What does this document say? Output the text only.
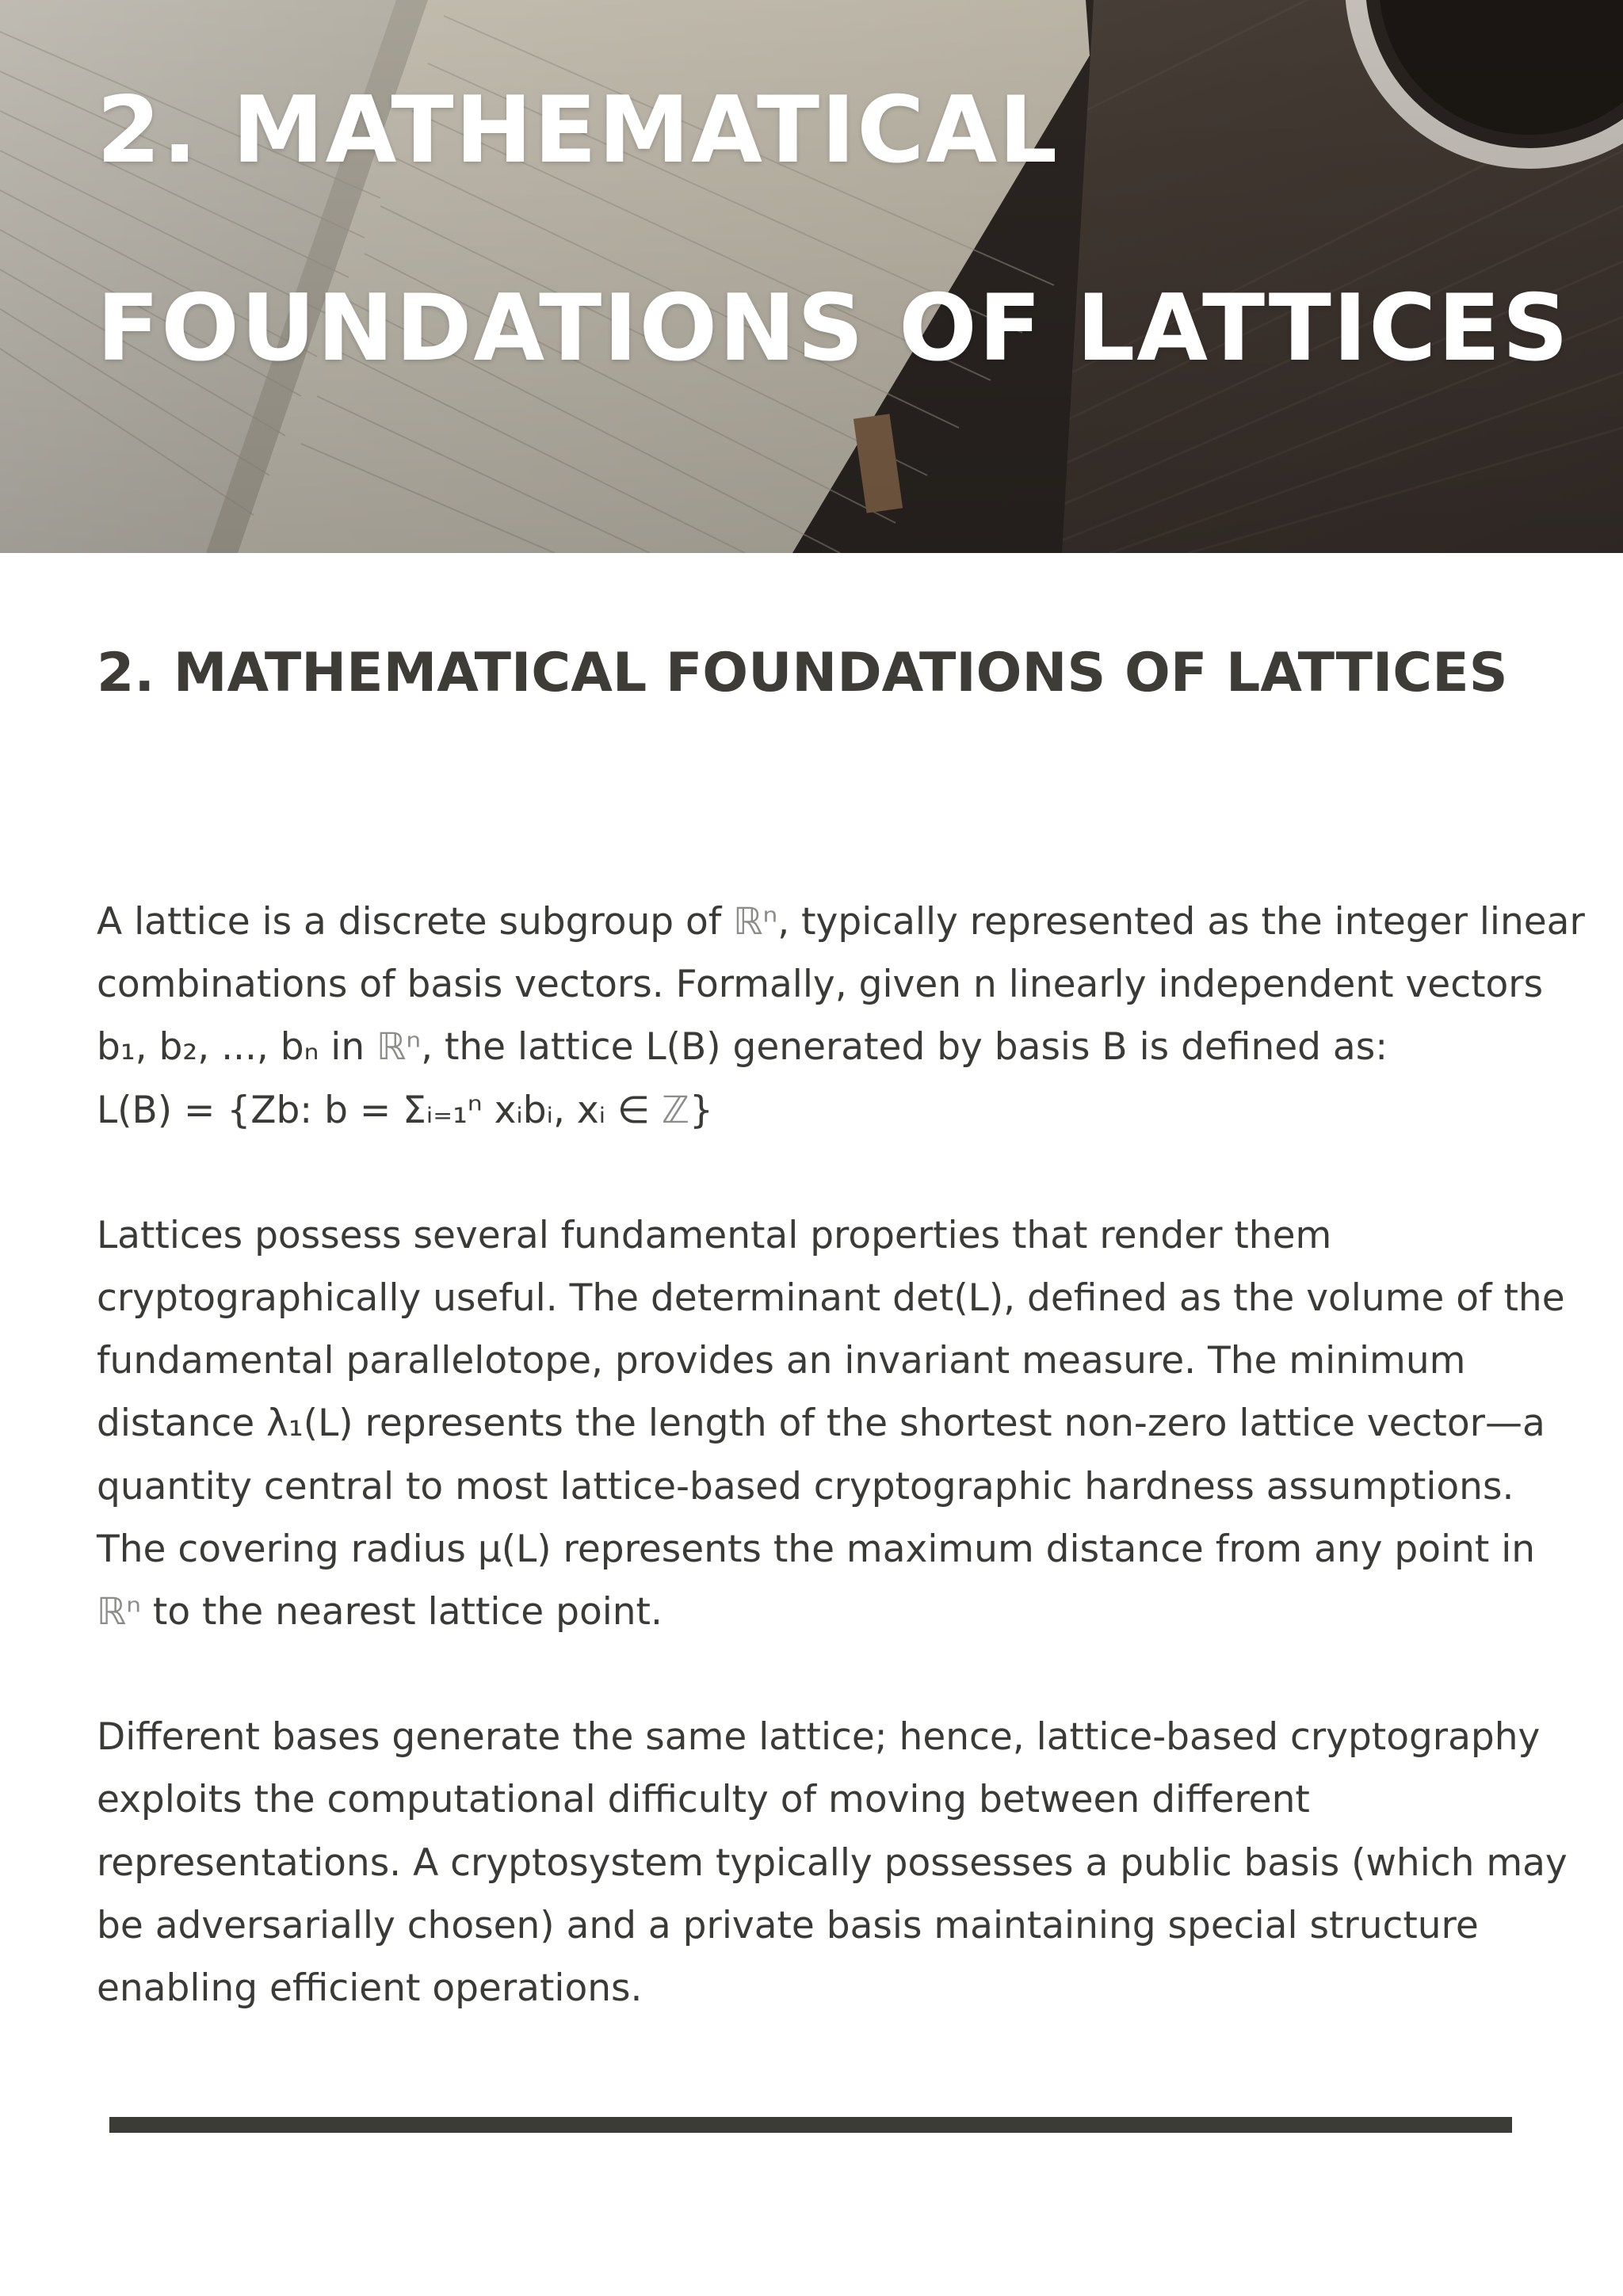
2. MATHEMATICAL
FOUNDATIONS OF LATTICES
2. MATHEMATICAL FOUNDATIONS OF LATTICES

A lattice is a discrete subgroup of ℝⁿ, typically represented as the integer linear
combinations of basis vectors. Formally, given n linearly independent vectors
b₁, b₂, ..., bₙ in ℝⁿ, the lattice L(B) generated by basis B is defined as:
L(B) = {Zb: b = Σᵢ₌₁ⁿ xᵢbᵢ, xᵢ ∈ ℤ}

Lattices possess several fundamental properties that render them
cryptographically useful. The determinant det(L), defined as the volume of the
fundamental parallelotope, provides an invariant measure. The minimum
distance λ₁(L) represents the length of the shortest non-zero lattice vector—a
quantity central to most lattice-based cryptographic hardness assumptions.
The covering radius μ(L) represents the maximum distance from any point in
ℝⁿ to the nearest lattice point.

Different bases generate the same lattice; hence, lattice-based cryptography
exploits the computational difficulty of moving between different
representations. A cryptosystem typically possesses a public basis (which may
be adversarially chosen) and a private basis maintaining special structure
enabling efficient operations.
